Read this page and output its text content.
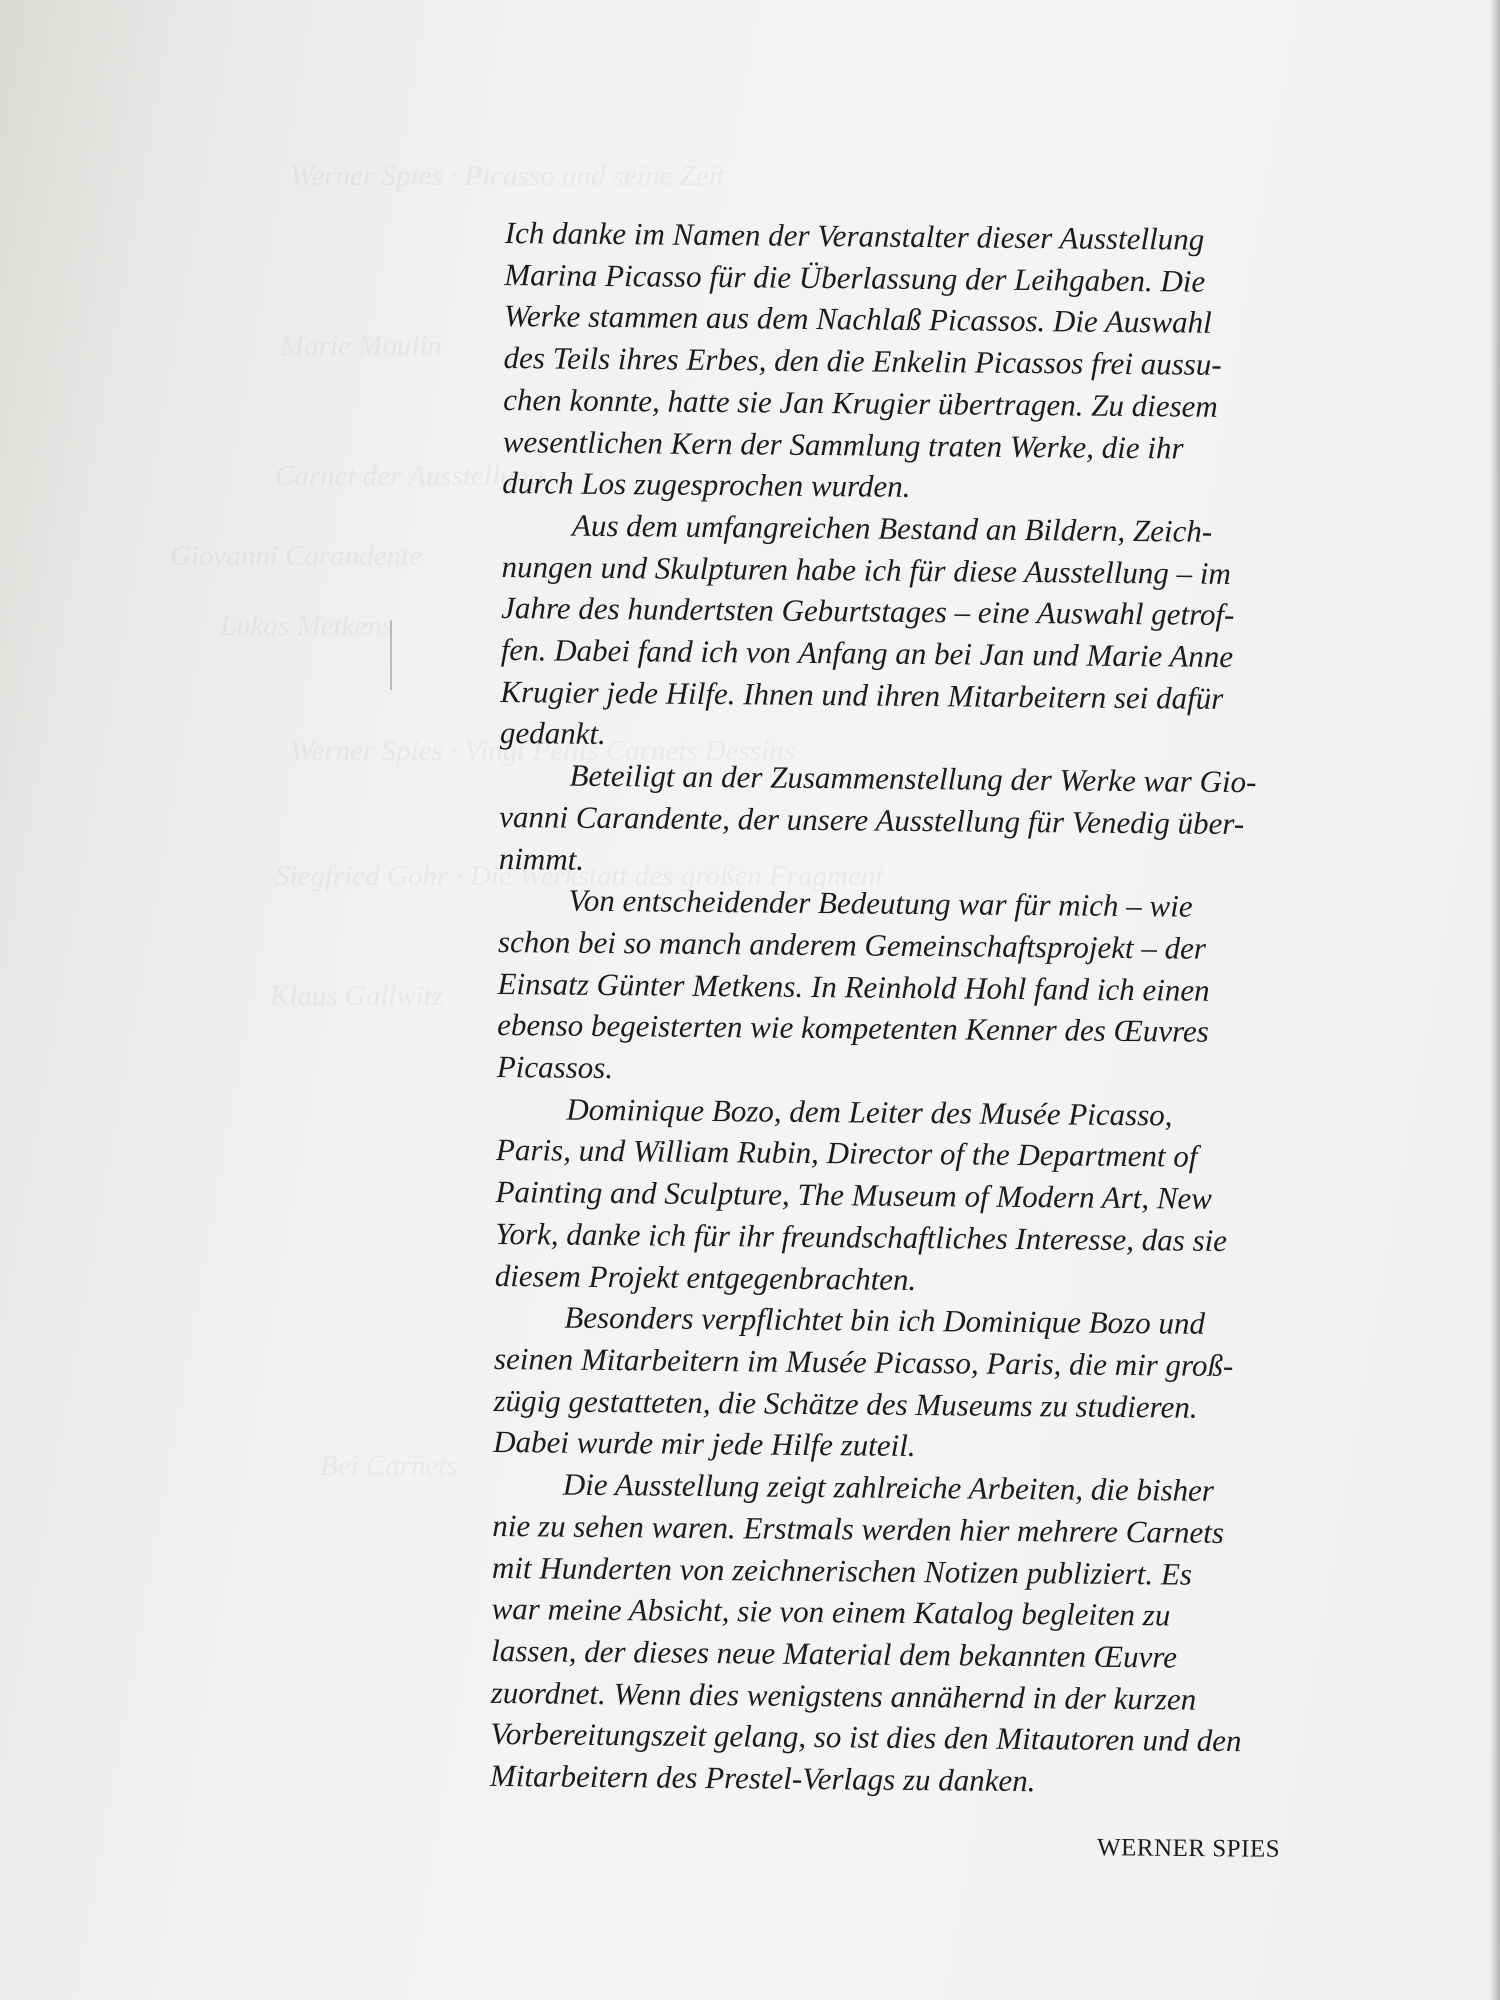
Ich danke im Namen der Veranstalter dieser Ausstellung
Marina Picasso für die Überlassung der Leihgaben. Die
Werke stammen aus dem Nachlaß Picassos. Die Auswahl
des Teils ihres Erbes, den die Enkelin Picassos frei aussu-
chen konnte, hatte sie Jan Krugier übertragen. Zu diesem
wesentlichen Kern der Sammlung traten Werke, die ihr
durch Los zugesprochen wurden.
Aus dem umfangreichen Bestand an Bildern, Zeich-
nungen und Skulpturen habe ich für diese Ausstellung – im
Jahre des hundertsten Geburtstages – eine Auswahl getrof-
fen. Dabei fand ich von Anfang an bei Jan und Marie Anne
Krugier jede Hilfe. Ihnen und ihren Mitarbeitern sei dafür
gedankt.
Beteiligt an der Zusammenstellung der Werke war Gio-
vanni Carandente, der unsere Ausstellung für Venedig über-
nimmt.
Von entscheidender Bedeutung war für mich – wie
schon bei so manch anderem Gemeinschaftsprojekt – der
Einsatz Günter Metkens. In Reinhold Hohl fand ich einen
ebenso begeisterten wie kompetenten Kenner des Œuvres
Picassos.
Dominique Bozo, dem Leiter des Musée Picasso,
Paris, und William Rubin, Director of the Department of
Painting and Sculpture, The Museum of Modern Art, New
York, danke ich für ihr freundschaftliches Interesse, das sie
diesem Projekt entgegenbrachten.
Besonders verpflichtet bin ich Dominique Bozo und
seinen Mitarbeitern im Musée Picasso, Paris, die mir groß-
zügig gestatteten, die Schätze des Museums zu studieren.
Dabei wurde mir jede Hilfe zuteil.
Die Ausstellung zeigt zahlreiche Arbeiten, die bisher
nie zu sehen waren. Erstmals werden hier mehrere Carnets
mit Hunderten von zeichnerischen Notizen publiziert. Es
war meine Absicht, sie von einem Katalog begleiten zu
lassen, der dieses neue Material dem bekannten Œuvre
zuordnet. Wenn dies wenigstens annähernd in der kurzen
Vorbereitungszeit gelang, so ist dies den Mitautoren und den
Mitarbeitern des Prestel-Verlags zu danken.
WERNER SPIES
